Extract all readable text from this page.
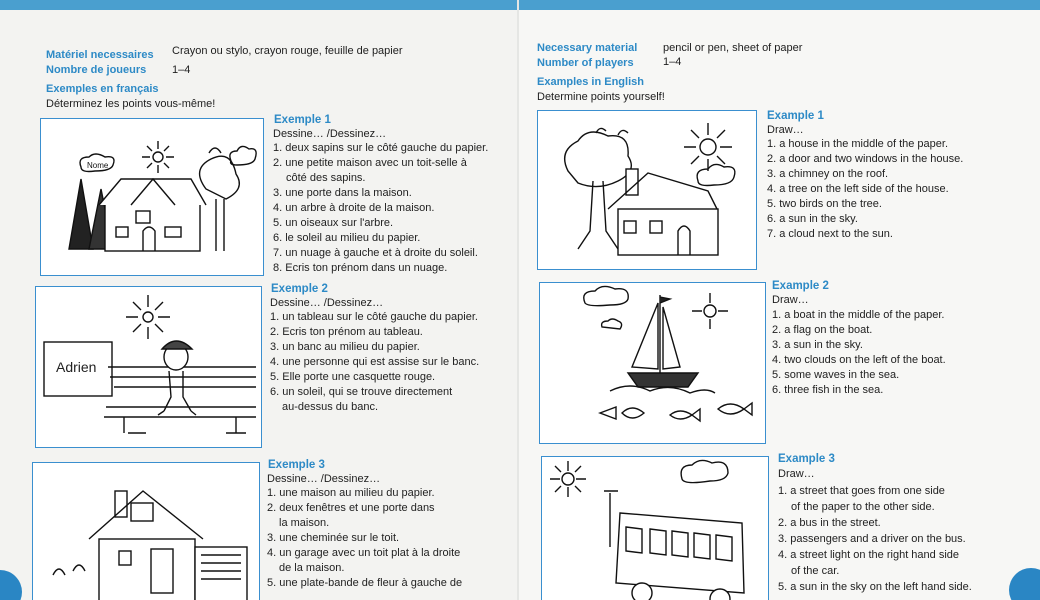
Matériel necessaires Crayon ou stylo, crayon rouge, feuille de papier
Nombre de joueurs 1–4
Exemples en français
Déterminez les points vous-même!
Nome
Exemple 1
Dessine… /Dessinez…
1. deux sapins sur le côté gauche du papier.
2. une petite maison avec un toit-selle à
côté des sapins.
3. une porte dans la maison.
4. un arbre à droite de la maison.
5. un oiseaux sur l'arbre.
6. le soleil au milieu du papier.
7. un nuage à gauche et à droite du soleil.
8. Ecris ton prénom dans un nuage.
Adrien
Exemple 2
Dessine… /Dessinez…
1. un tableau sur le côté gauche du papier.
2. Ecris ton prénom au tableau.
3. un banc au milieu du papier.
4. une personne qui est assise sur le banc.
5. Elle porte une casquette rouge.
6. un soleil, qui se trouve directement
au-dessus du banc.
Exemple 3
Dessine… /Dessinez…
1. une maison au milieu du papier.
2. deux fenêtres et une porte dans
la maison.
3. une cheminée sur le toit.
4. un garage avec un toit plat à la droite
de la maison.
5. une plate-bande de fleur à gauche de
Necessary material pencil or pen, sheet of paper
Number of players	1–4
Examples in English
Determine points yourself!
Example 1
Draw…
1. a house in the middle of the paper.
2. a door and two windows in the house.
3. a chimney on the roof.
4. a tree on the left side of the house.
5. two birds on the tree.
6. a sun in the sky.
7. a cloud next to the sun.
Example 2
Draw…
1. a boat in the middle of the paper.
2. a flag on the boat.
3. a sun in the sky.
4. two clouds on the left of the boat.
5. some waves in the sea.
6. three fish in the sea.
Example 3
Draw…
1. a street that goes from one side
of the paper to the other side.
2. a bus in the street.
3. passengers and a driver on the bus.
4. a street light on the right hand side
of the car.
5. a sun in the sky on the left hand side.
